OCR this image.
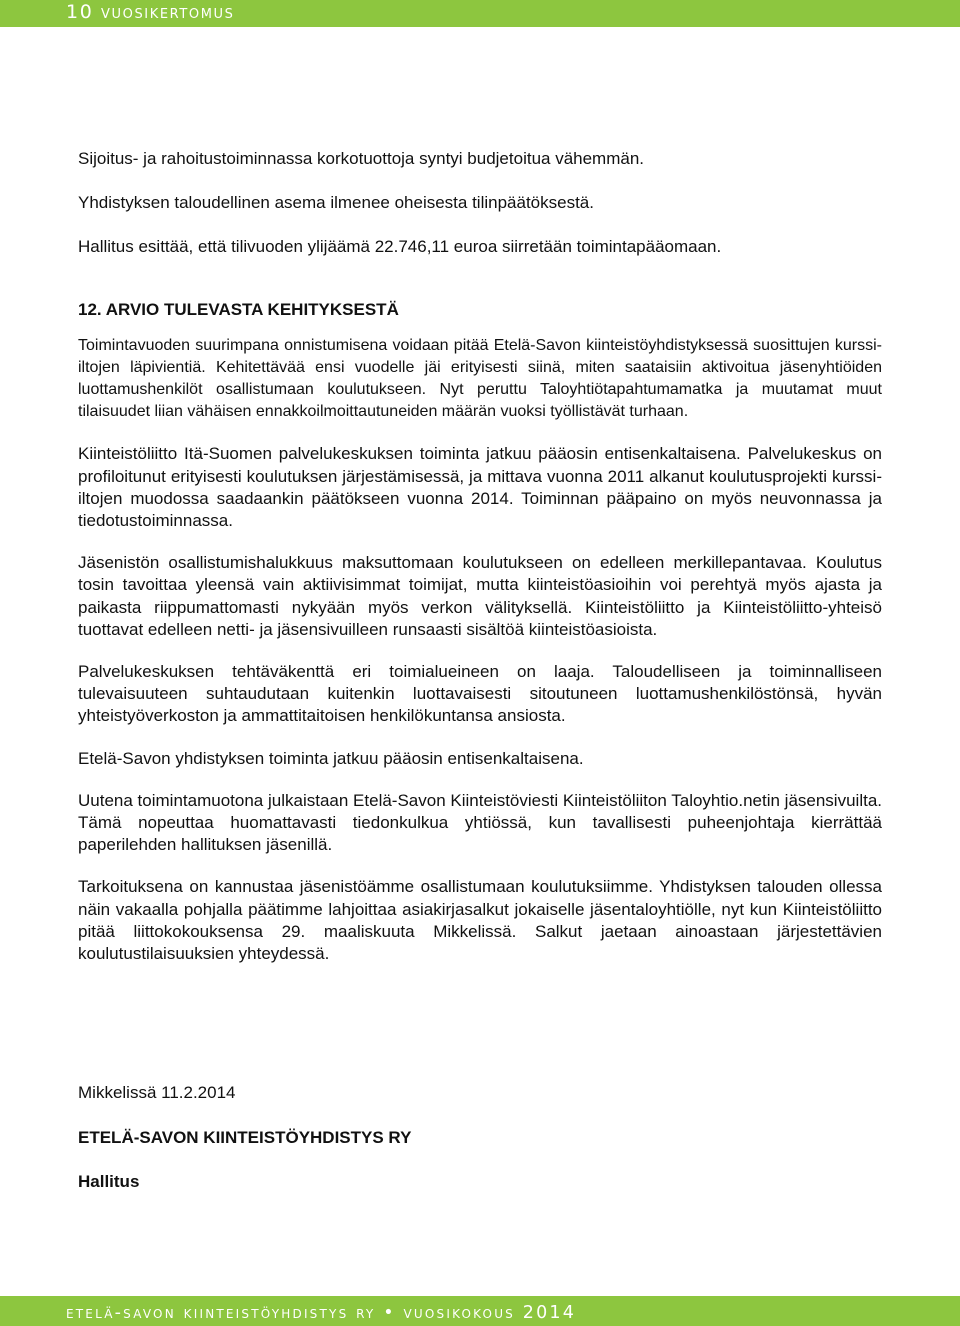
10 vuosikertomus

Sijoitus- ja rahoitustoiminnassa korkotuottoja syntyi budjetoitua vähemmän.

Yhdistyksen taloudellinen asema ilmenee oheisesta tilinpäätöksestä.

Hallitus esittää, että tilivuoden ylijäämä 22.746,11 euroa siirretään toimintapääomaan.

12. ARVIO TULEVASTA KEHITYKSESTÄ

Toimintavuoden suurimpana onnistumisena voidaan pitää Etelä-Savon kiinteistöyhdistyksessä suosittujen kurssi-iltojen läpivientiä. Kehitettävää ensi vuodelle jäi erityisesti siinä, miten saataisiin aktivoitua jäsenyhtiöiden luottamushenkilöt osallistumaan koulutukseen. Nyt peruttu Taloyhtiötapahtumamatka ja muutamat muut tilaisuudet liian vähäisen ennakkoilmoittautuneiden määrän vuoksi työllistävät turhaan.

Kiinteistöliitto Itä-Suomen palvelukeskuksen toiminta jatkuu pääosin entisenkaltaisena. Palvelukeskus on profiloitunut erityisesti koulutuksen järjestämisessä, ja mittava vuonna 2011 alkanut koulutusprojekti kurssi-iltojen muodossa saadaankin päätökseen vuonna 2014. Toiminnan pääpaino on myös neuvonnassa ja tiedotustoiminnassa.

Jäsenistön osallistumishalukkuus maksuttomaan koulutukseen on edelleen merkillepantavaa. Koulutus tosin tavoittaa yleensä vain aktiivisimmat toimijat, mutta kiinteistöasioihin voi perehtyä myös ajasta ja paikasta riippumattomasti nykyään myös verkon välityksellä. Kiinteistöliitto ja Kiinteistöliitto-yhteisö tuottavat edelleen netti- ja jäsensivuilleen runsaasti sisältöä kiinteistöasioista.

Palvelukeskuksen tehtäväkenttä eri toimialueineen on laaja. Taloudelliseen ja toiminnalliseen tulevaisuuteen suhtaudutaan kuitenkin luottavaisesti sitoutuneen luottamushenkilöstönsä, hyvän yhteistyöverkoston ja ammattitaitoisen henkilökuntansa ansiosta.

Etelä-Savon yhdistyksen toiminta jatkuu pääosin entisenkaltaisena.

Uutena toimintamuotona julkaistaan Etelä-Savon Kiinteistöviesti Kiinteistöliiton Taloyhtio.netin jäsensivuilta. Tämä nopeuttaa huomattavasti tiedonkulkua yhtiössä, kun tavallisesti puheenjohtaja kierrättää paperilehden hallituksen jäsenillä.

Tarkoituksena on kannustaa jäsenistöämme osallistumaan koulutuksiimme. Yhdistyksen talouden ollessa näin vakaalla pohjalla päätimme lahjoittaa asiakirjasalkut jokaiselle jäsentaloyhtiölle, nyt kun Kiinteistöliitto pitää liittokokouksensa 29. maaliskuuta Mikkelissä. Salkut jaetaan ainoastaan järjestettävien koulutustilaisuuksien yhteydessä.

Mikkelissä 11.2.2014

ETELÄ-SAVON KIINTEISTÖYHDISTYS RY

Hallitus

etelä-savon kiinteistöyhdistys ry • vuosikokous 2014
